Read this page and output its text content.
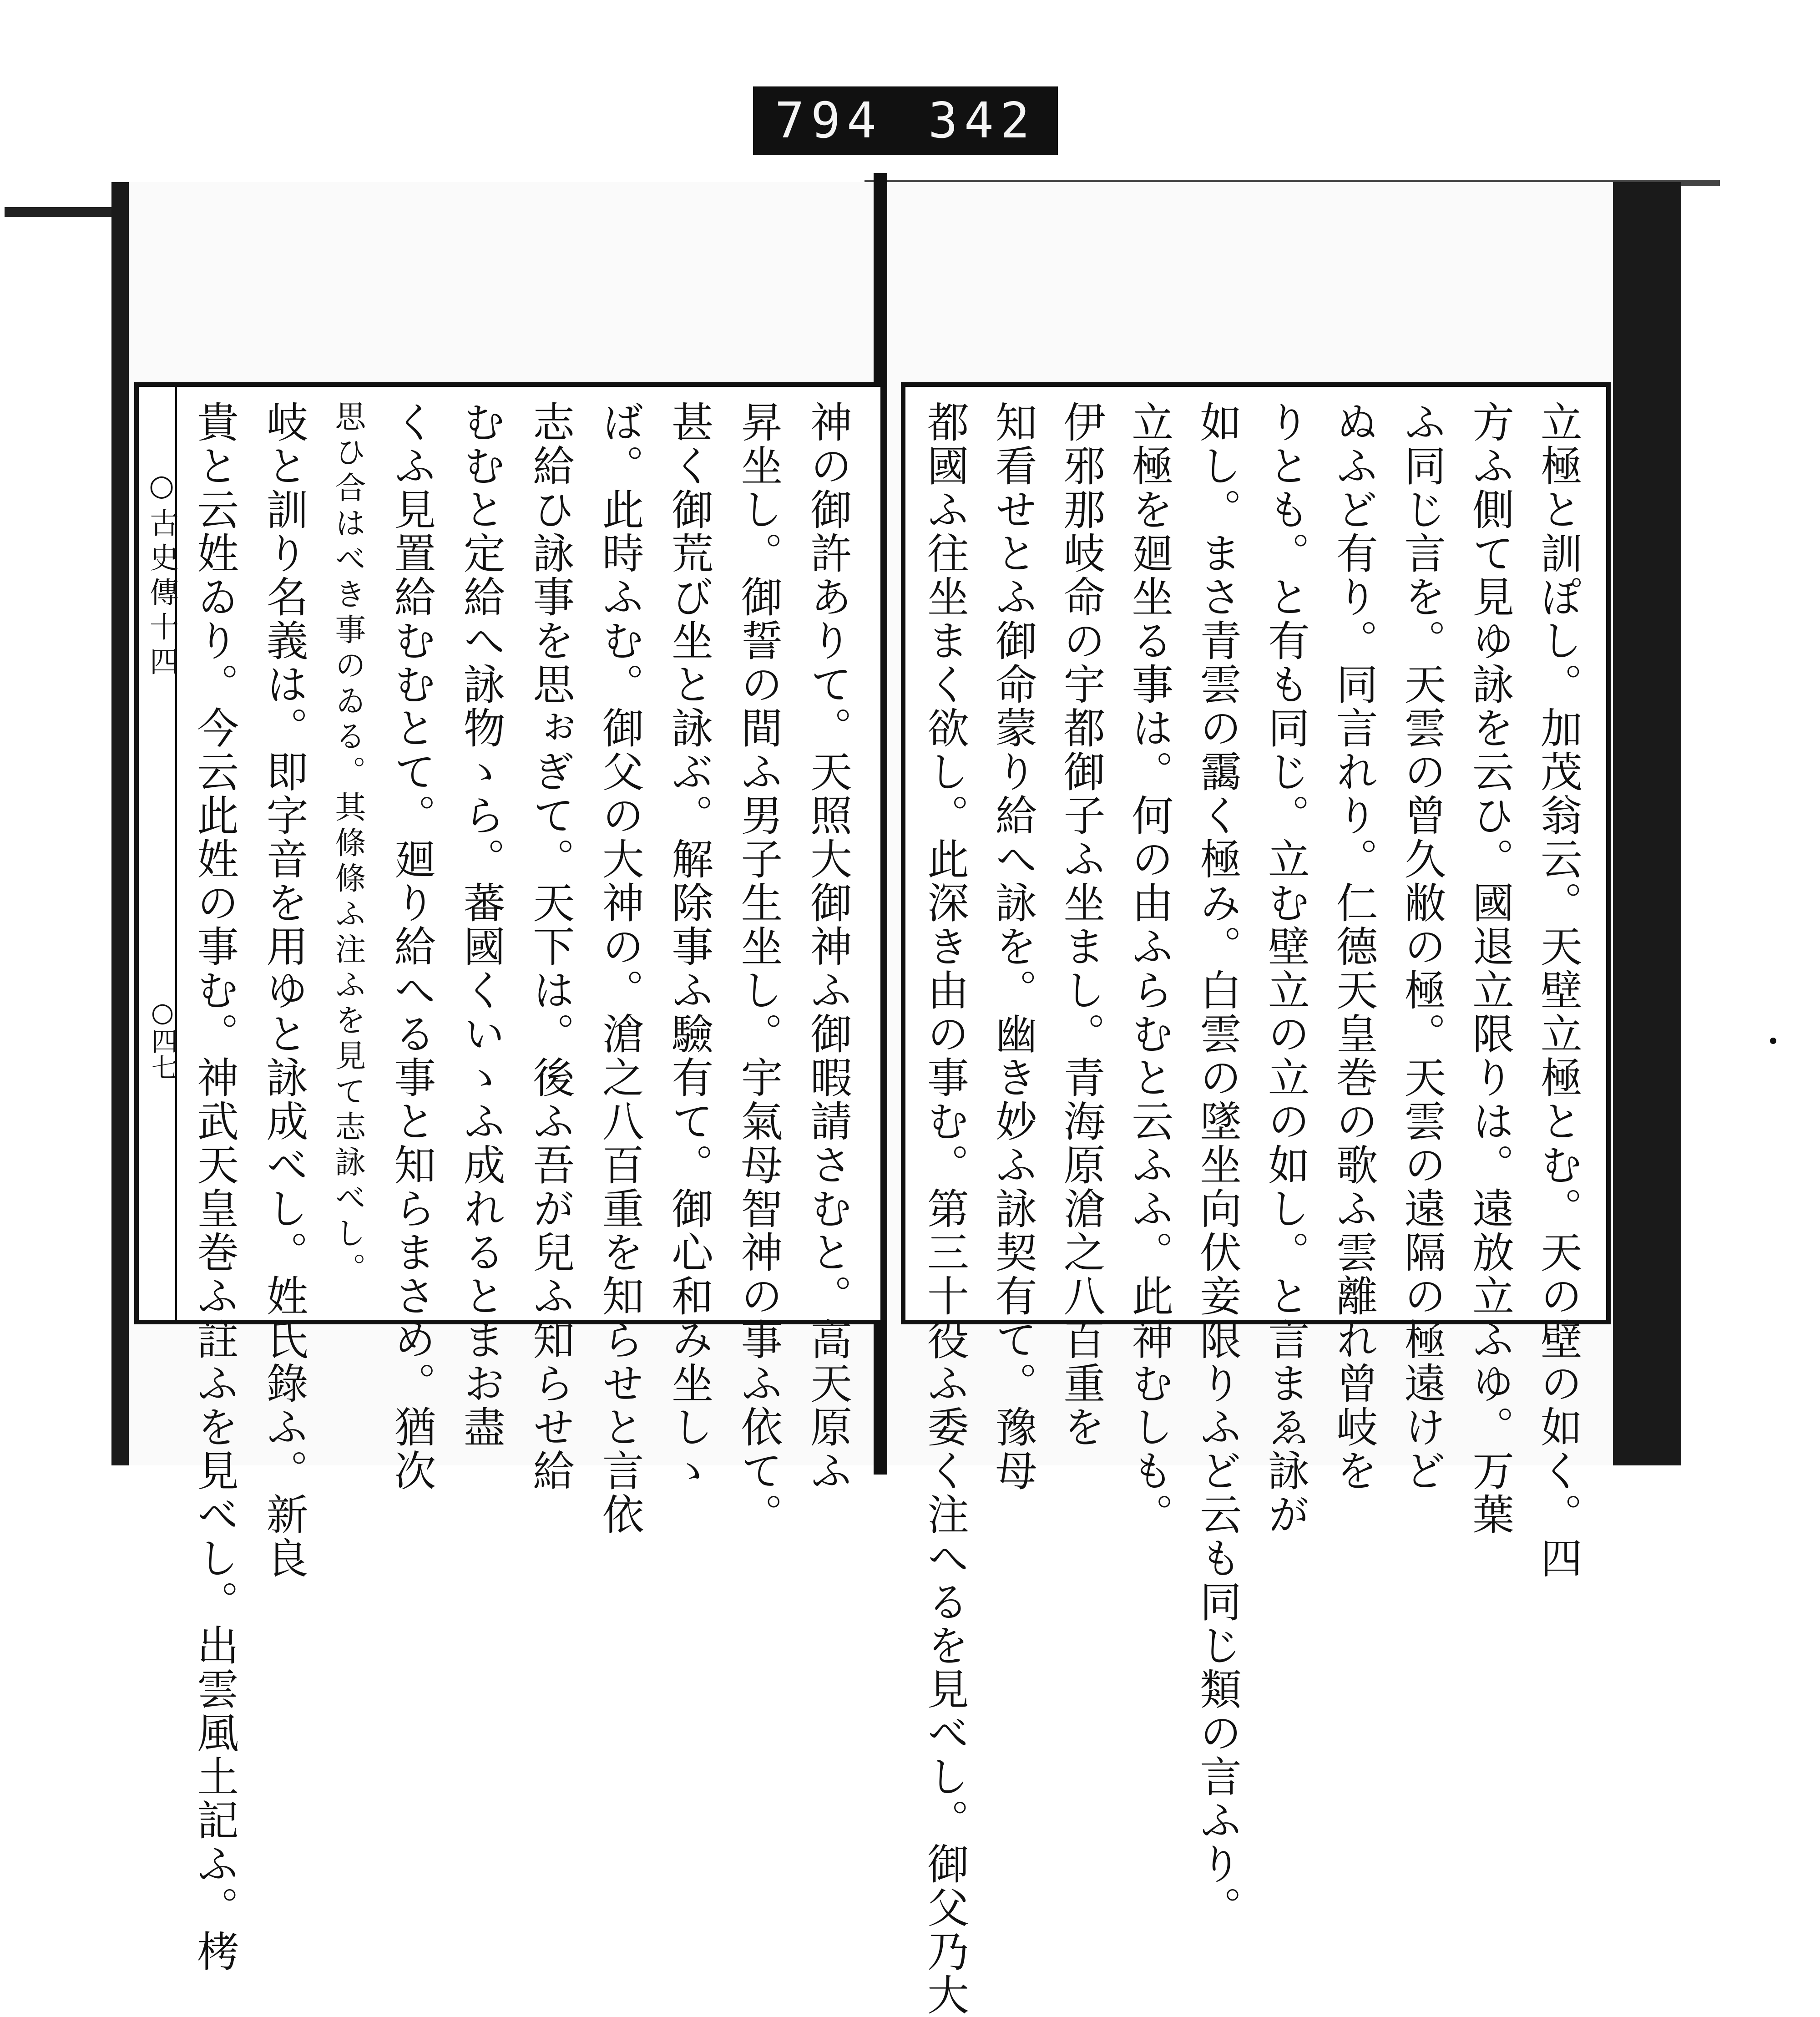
794 342
○古史傳十四
○四七	神の御許ありて。天照大御神ふ御暇請さむと。高天原ふ
昇坐し。御誓の間ふ男子生坐し。宇氣母智神の事ふ依て。
甚く御荒び坐と詠ぶ。解除事ふ驗有て。御心和み坐しゝ
ば。此時ふむ。御父の大神の。滄之八百重を知らせと言依
志給ひ詠事を思ぉぎて。天下は。後ふ吾が兒ふ知らせ給
むむと定給へ詠物ゝら。蕃國くいゝふ成れるとまお盡
くふ見置給むむとて。廻り給へる事と知らまさめ。猶次
思ひ合はべき事のゐる。其條條ふ注ふを見て志詠べし。
岐と訓り名義は。即字音を用ゆと詠成べし。姓氏錄ふ。新良
貴と云姓ゐり。今云此姓の事む。神武天皇巻ふ註ふを見べし。出雲風土記ふ。栲	立極と訓ぽし。加茂翁云。天壁立極とむ。天の壁の如く。四
方ふ側て見ゆ詠を云ひ。國退立限りは。遠放立ふゆ。万葉
ふ同じ言を。天雲の曾久敝の極。天雲の遠隔の極遠けど
ぬふど有り。同言れり。仁德天皇巻の歌ふ雲離れ曾岐を
りとも。と有も同じ。立む壁立の立の如し。と言まゑ詠が
如し。まさ青雲の靄く極み。白雲の墜坐向伏妾限りふど云も同じ類の言ふり。
立極を廻坐る事は。何の由ふらむと云ふふ。此神むしも。
伊邪那岐命の宇都御子ふ坐まし。青海原滄之八百重を
知看せとふ御命蒙り給へ詠を。幽き妙ふ詠契有て。豫母
都國ふ往坐まく欲し。此深き由の事む。第三十役ふ委く注へるを見べし。御父乃大
